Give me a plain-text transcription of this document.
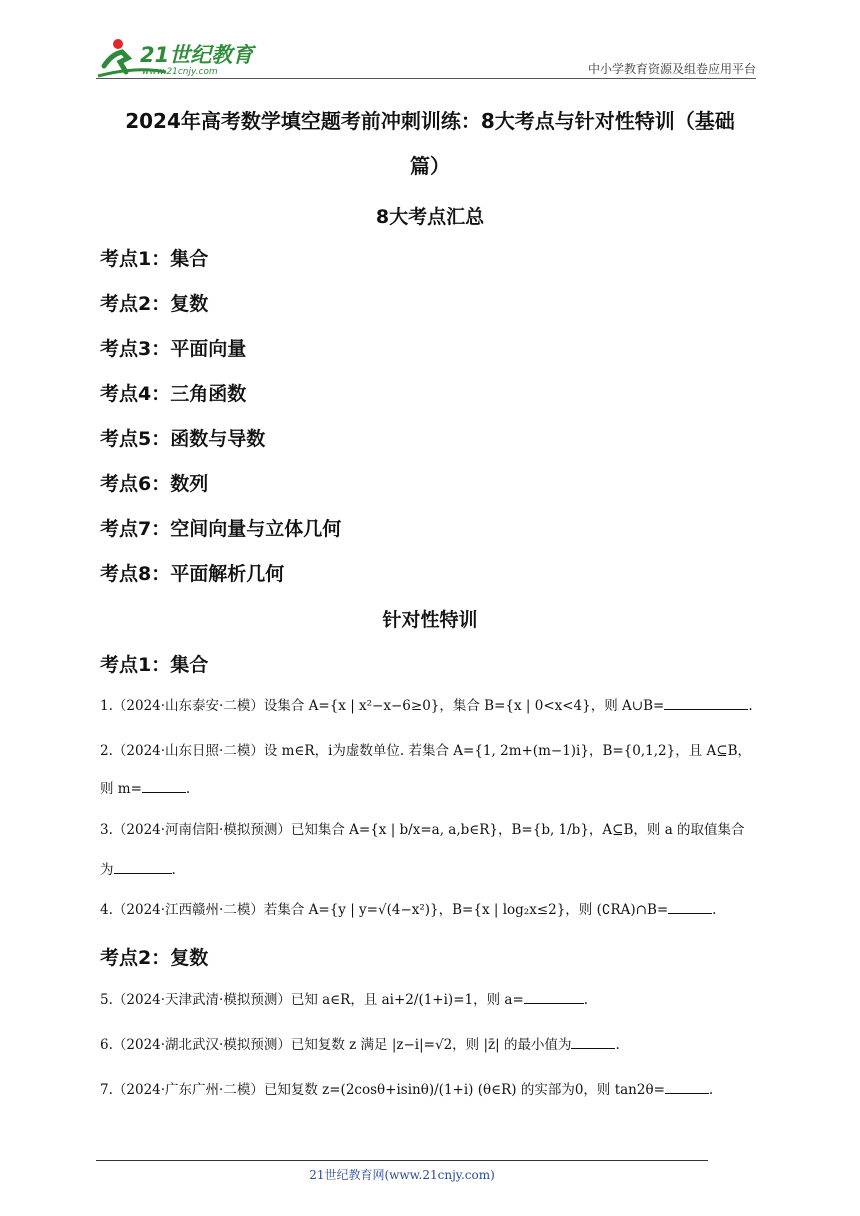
21世纪教育
www.21cnjy.com	中小学教育资源及组卷应用平台
2024年高考数学填空题考前冲刺训练：8大考点与针对性特训（基础
篇）
8大考点汇总
考点1：集合
考点2：复数
考点3：平面向量
考点4：三角函数
考点5：函数与导数
考点6：数列
考点7：空间向量与立体几何
考点8：平面解析几何
针对性特训
考点1：集合
1.（2024·山东泰安·二模）设集合 A={x | x²−x−6≥0}，集合 B={x | 0<x<4}，则 A∪B=	.
2.（2024·山东日照·二模）设 m∈R，i为虚数单位. 若集合 A={1, 2m+(m−1)i}，B={0,1,2}，且 A⊆B，
则 m=	.
3.（2024·河南信阳·模拟预测）已知集合 A={x | b/x=a, a,b∈R}，B={b, 1/b}，A⊆B，则 a 的取值集合
为	.
4.（2024·江西赣州·二模）若集合 A={y | y=√(4−x²)}，B={x | log₂x≤2}，则 (∁RA)∩B=	.
考点2：复数
5.（2024·天津武清·模拟预测）已知 a∈R，且 ai+2/(1+i)=1，则 a=	.
6.（2024·湖北武汉·模拟预测）已知复数 z 满足 |z−i|=√2，则 |z̄| 的最小值为	.
7.（2024·广东广州·二模）已知复数 z=(2cosθ+isinθ)/(1+i) (θ∈R) 的实部为0，则 tan2θ=	.
21世纪教育网(www.21cnjy.com)
